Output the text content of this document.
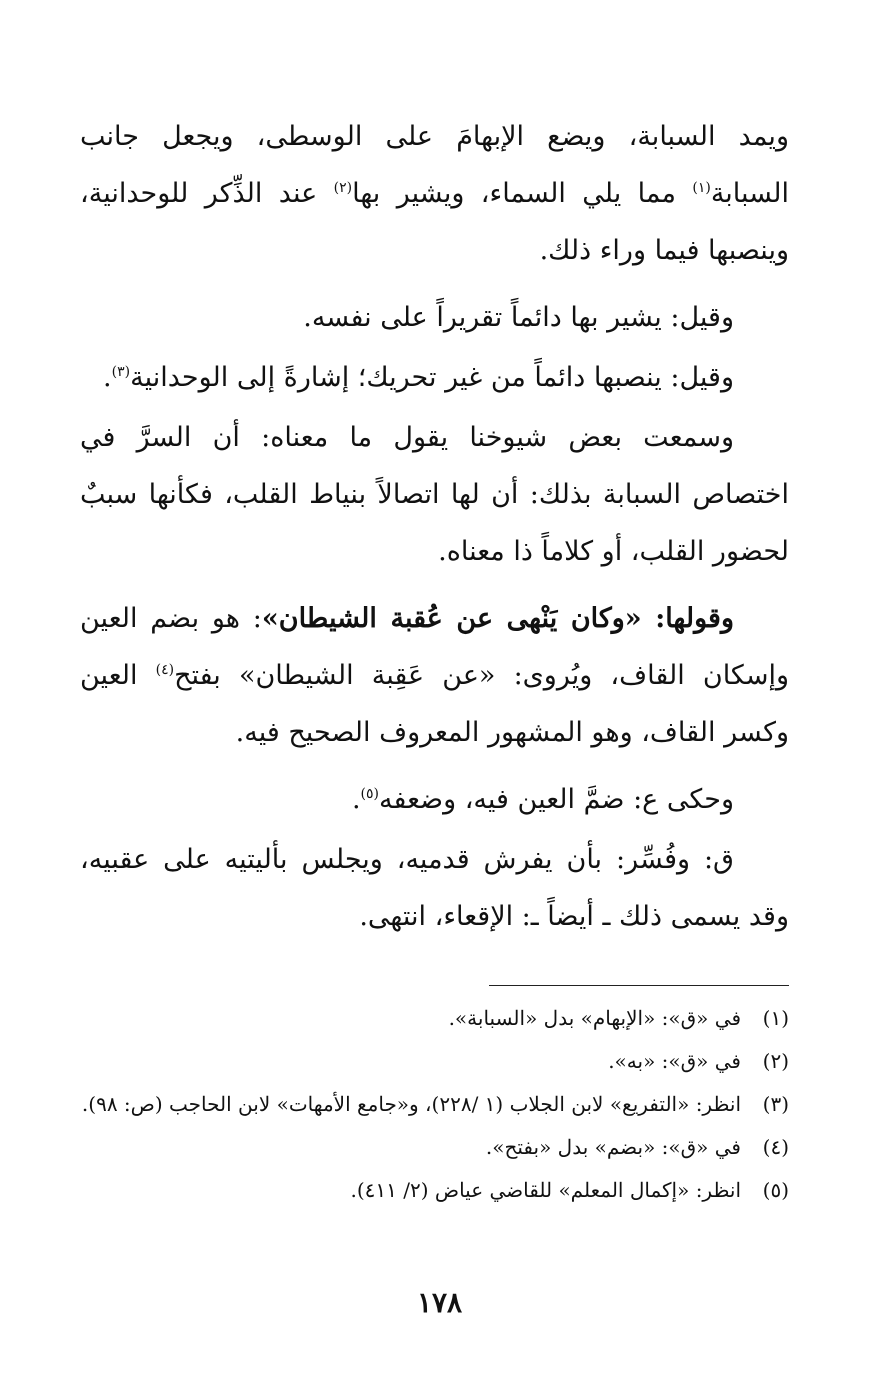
ويمد السبابة، ويضع الإبهامَ على الوسطى، ويجعل جانب السبابة$^{(١)}$ مما يلي السماء، ويشير بها$^{(٢)}$ عند الذِّكر للوحدانية، وينصبها فيما وراء ذلك.

وقيل: يشير بها دائماً تقريراً على نفسه.

وقيل: ينصبها دائماً من غير تحريك؛ إشارةً إلى الوحدانية$^{(٣)}$.

وسمعت بعض شيوخنا يقول ما معناه: أن السرَّ في اختصاص السبابة بذلك: أن لها اتصالاً بنياط القلب، فكأنها سببٌ لحضور القلب، أو كلاماً ذا معناه.

وقولها: «وكان يَنْهى عن عُقبة الشيطان»: هو بضم العين وإسكان القاف، ويُروى: «عن عَقِبة الشيطان» بفتح$^{(٤)}$ العين وكسر القاف، وهو المشهور المعروف الصحيح فيه.

وحكى ع: ضمَّ العين فيه، وضعفه$^{(٥)}$.

ق: وفُسِّر: بأن يفرش قدميه، ويجلس بأليتيه على عقبيه، وقد يسمى ذلك ـ أيضاً ـ: الإقعاء، انتهى.

(١)
في «ق»: «الإبهام» بدل «السبابة».
(٢)
في «ق»: «به».
(٣)
انظر: «التفريع» لابن الجلاب (١ /٢٢٨)، و«جامع الأمهات» لابن الحاجب (ص: ٩٨).
(٤)
في «ق»: «بضم» بدل «بفتح».
(٥)
انظر: «إكمال المعلم» للقاضي عياض (٢/ ٤١١).
١٧٨
